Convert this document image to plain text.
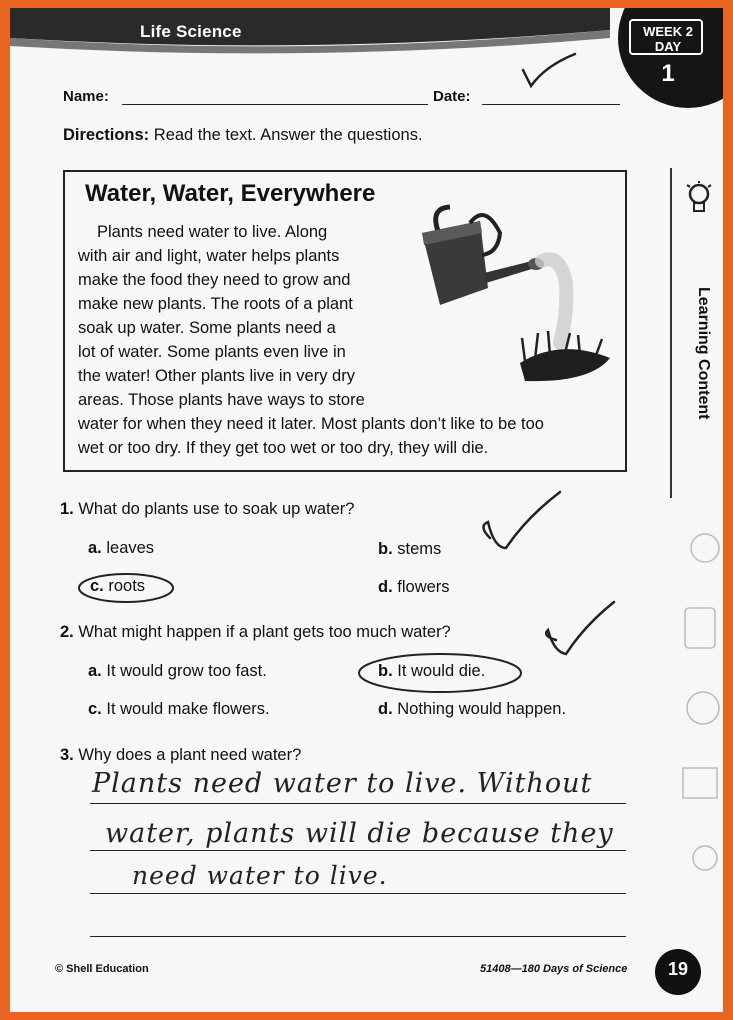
Life Science	WEEK 2
DAY
1
Name:	Date:
Directions: Read the text. Answer the questions.
Water, Water, Everywhere
Plants need water to live. Along
with air and light, water helps plants
make the food they need to grow and
make new plants. The roots of a plant
soak up water. Some plants need a
lot of water. Some plants even live in
the water! Other plants live in very dry
areas. Those plants have ways to store
water for when they need it later. Most plants don’t like to be too
wet or too dry. If they get too wet or too dry, they will die.
Learning Content
1. What do plants use to soak up water?
a. leaves	b. stems
c. roots	d. flowers
2. What might happen if a plant gets too much water?
a. It would grow too fast.	b. It would die.
c. It would make flowers.	d. Nothing would happen.
3. Why does a plant need water?
Plants need water to live. Without
water, plants will die because they
need water to live.
© Shell Education	51408—180 Days of Science	19
